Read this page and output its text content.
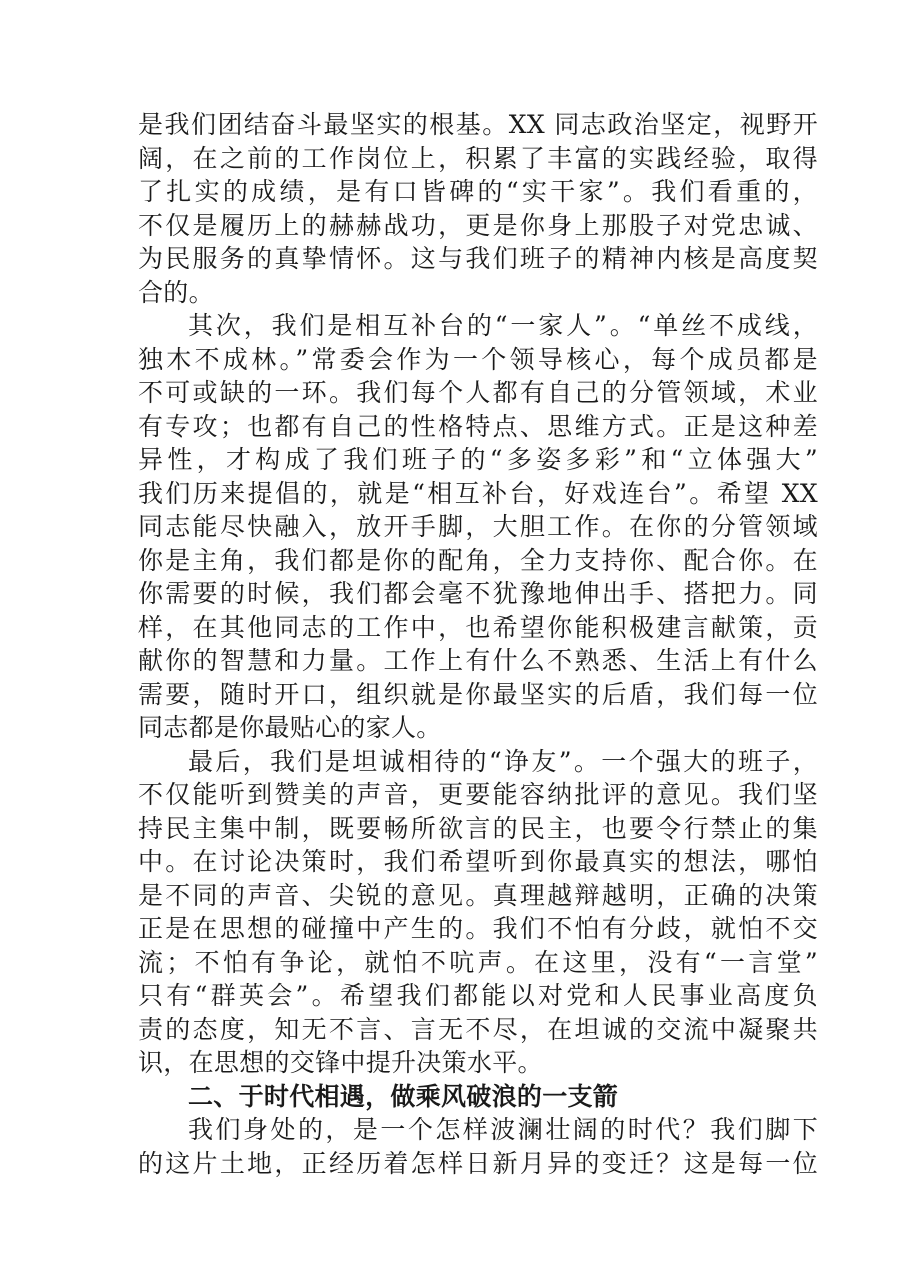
是我们团结奋斗最坚实的根基。XX 同志政治坚定，视野开
阔，在之前的工作岗位上，积累了丰富的实践经验，取得
了扎实的成绩，是有口皆碑的“实干家”。我们看重的，
不仅是履历上的赫赫战功，更是你身上那股子对党忠诚、
为民服务的真挚情怀。这与我们班子的精神内核是高度契
合的。
其次，我们是相互补台的“一家人”。“单丝不成线，
独木不成林。”常委会作为一个领导核心，每个成员都是
不可或缺的一环。我们每个人都有自己的分管领域，术业
有专攻；也都有自己的性格特点、思维方式。正是这种差
异性，才构成了我们班子的“多姿多彩”和“立体强大”
我们历来提倡的，就是“相互补台，好戏连台”。希望 XX
同志能尽快融入，放开手脚，大胆工作。在你的分管领域
你是主角，我们都是你的配角，全力支持你、配合你。在
你需要的时候，我们都会毫不犹豫地伸出手、搭把力。同
样，在其他同志的工作中，也希望你能积极建言献策，贡
献你的智慧和力量。工作上有什么不熟悉、生活上有什么
需要，随时开口，组织就是你最坚实的后盾，我们每一位
同志都是你最贴心的家人。
最后，我们是坦诚相待的“诤友”。一个强大的班子，
不仅能听到赞美的声音，更要能容纳批评的意见。我们坚
持民主集中制，既要畅所欲言的民主，也要令行禁止的集
中。在讨论决策时，我们希望听到你最真实的想法，哪怕
是不同的声音、尖锐的意见。真理越辩越明，正确的决策
正是在思想的碰撞中产生的。我们不怕有分歧，就怕不交
流；不怕有争论，就怕不吭声。在这里，没有“一言堂”
只有“群英会”。希望我们都能以对党和人民事业高度负
责的态度，知无不言、言无不尽，在坦诚的交流中凝聚共
识，在思想的交锋中提升决策水平。
二、于时代相遇，做乘风破浪的一支箭
我们身处的，是一个怎样波澜壮阔的时代？我们脚下
的这片土地，正经历着怎样日新月异的变迁？这是每一位
